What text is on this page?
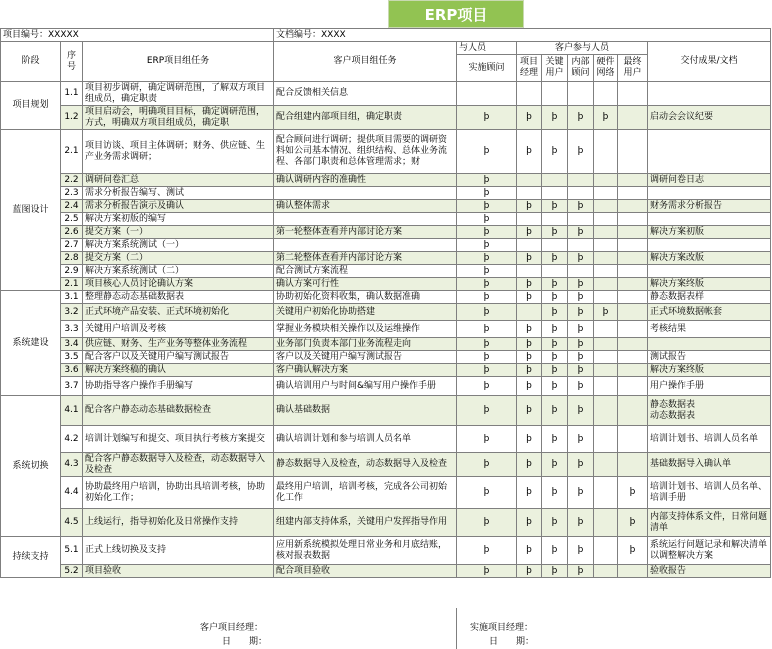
ERP项目
项目编号：XXXXX			文档编号：XXXX							
阶段	序号	ERP项目组任务	客户项目组任务	与人员	客户参与人员					交付成果/文档
				实施顾问	项目经理	关键用户	内部顾问	硬件网络	最终用户	

项目规划	1.1	项目初步调研，确定调研范围，了解双方项目组成员，确定职责	配合反馈相关信息							
	1.2	项目启动会，明确项目目标，确定调研范围，方式，明确双方项目组成员，确定职	配合组建内部项目组，确定职责	þ	þ	þ	þ	þ		启动会会议纪要
蓝图设计	2.1	项目访谈、项目主体调研；财务、供应链、生产业务需求调研；	配合顾问进行调研；提供项目需要的调研资料如公司基本情况、组织结构、总体业务流程、各部门职责和总体管理需求；财	þ	þ	þ	þ			
	2.2	调研问卷汇总	确认调研内容的准确性	þ						调研问卷日志
	2.3	需求分析报告编写、测试		þ						
	2.4	需求分析报告演示及确认	确认整体需求	þ	þ	þ	þ			财务需求分析报告
	2.5	解决方案初版的编写		þ						
	2.6	提交方案（一）	第一轮整体查看并内部讨论方案	þ	þ	þ	þ			解决方案初版
	2.7	解决方案系统测试（一）		þ						
	2.8	提交方案（二）	第二轮整体查看并内部讨论方案	þ	þ	þ	þ			解决方案改版
	2.9	解决方案系统测试（二）	配合测试方案流程	þ						
	2.1	项目核心人员讨论确认方案	确认方案可行性	þ	þ	þ	þ			解决方案终版
系统建设	3.1	整理静态动态基础数据表	协助初始化资料收集，确认数据准确	þ	þ	þ	þ			静态数据表样
	3.2	正式环境产品安装、正式环境初始化	关键用户初始化协助搭建	þ		þ	þ	þ		正式环境数据帐套
	3.3	关键用户培训及考核	掌握业务模块相关操作以及运维操作	þ	þ	þ	þ			考核结果
	3.4	供应链、财务、生产业务等整体业务流程	业务部门负责本部门业务流程走向	þ	þ	þ	þ			
	3.5	配合客户以及关键用户编写测试报告	客户以及关键用户编写测试报告	þ	þ	þ	þ			测试报告
	3.6	解决方案终稿的确认	客户确认解决方案	þ	þ	þ	þ			解决方案终版
	3.7	协助指导客户操作手册编写	确认培训用户与时间&编写用户操作手册	þ	þ	þ	þ			用户操作手册
系统切换	4.1	配合客户静态动态基础数据检查	确认基础数据	þ	þ	þ	þ			静态数据表
动态数据表
	4.2	培训计划编写和提交、项目执行考核方案提交	确认培训计划和参与培训人员名单	þ	þ	þ	þ			培训计划书、培训人员名单
	4.3	配合客户静态数据导入及检查，动态数据导入及检查	静态数据导入及检查，动态数据导入及检查	þ	þ	þ	þ			基础数据导入确认单
	4.4	协助最终用户培训，协助出具培训考核，协助初始化工作；	最终用户培训，培训考核，完成各公司初始化工作	þ	þ	þ	þ		þ	培训计划书、培训人员名单、培训手册
	4.5	上线运行，指导初始化及日常操作支持	组建内部支持体系，关键用户发挥指导作用	þ	þ	þ	þ		þ	内部支持体系文件，日常问题清单
持续支持	5.1	正式上线切换及支持	应用新系统模拟处理日常业务和月底结账，核对报表数据	þ	þ	þ	þ		þ	系统运行问题记录和解决清单以调整解决方案
	5.2	项目验收	配合项目验收	þ	þ	þ	þ			验收报告
客户项目经理：
日　　期：
实施项目经理：
日　　期：
